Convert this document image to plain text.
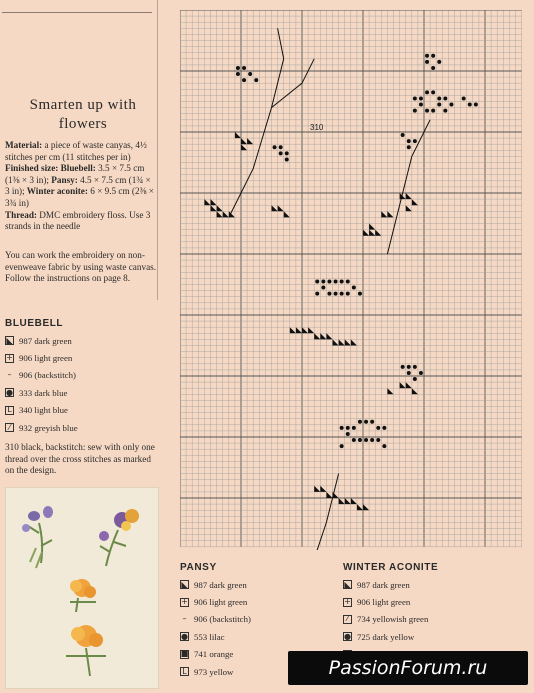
Smarten up with flowers
Material: a piece of waste canyas, 4½ stitches per cm (11 stitches per in)
Finished size: Bluebell: 3.5 × 7.5 cm (1⅜ × 3 in); Pansy: 4.5 × 7.5 cm (1¾ × 3 in); Winter aconite: 6 × 9.5 cm (2⅜ × 3¾ in)
Thread: DMC embroidery floss. Use 3 strands in the needle
You can work the embroidery on non-evenweave fabric by using waste canvas. Follow the instructions on page 8.
BLUEBELL
◣ 987 dark green
+ 906 light green
– 906 (backstitch)
● 333 dark blue
L 340 light blue
⁄	932 greyish blue
310 black, backstitch: sew with only one thread over the cross stitches as marked on the design.
310
PANSY
◣ 987 dark green
+ 906 light green
– 906 (backstitch)
● 553 lilac
■ 741 orange
L 973 yellow
WINTER ACONITE
◣ 987 dark green
+ 906 light green
⁄	734 yellowish green
● 725 dark yellow
PassionForum.ru
